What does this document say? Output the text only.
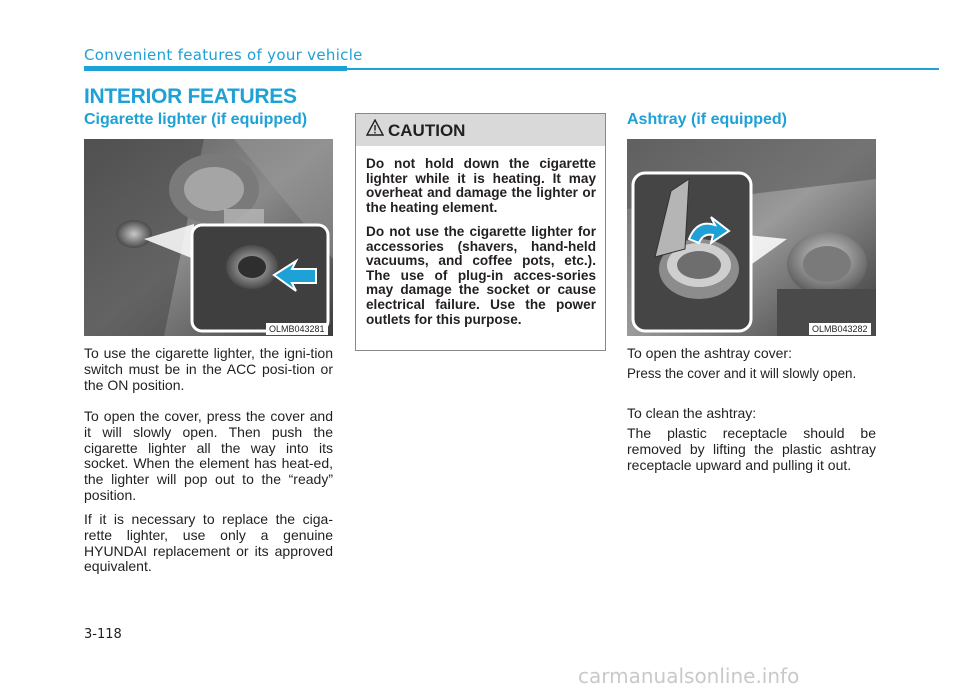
Convenient features of your vehicle
INTERIOR FEATURES
Cigarette lighter (if equipped)
OLMB043281

To use the cigarette lighter, the igni-tion switch must be in the ACC posi-tion or the ON position.

To open the cover, press the cover and it will slowly open. Then push the cigarette lighter all the way into its socket. When the element has heat-ed, the lighter will pop out to the “ready” position.

If it is necessary to replace the ciga-rette lighter, use only a genuine HYUNDAI replacement or its approved equivalent.

CAUTION

Do not hold down the cigarette lighter while it is heating. It may overheat and damage the lighter or the heating element.

Do not use the cigarette lighter for accessories (shavers, hand-held vacuums, and coffee pots, etc.). The use of plug-in acces-sories may damage the socket or cause electrical failure. Use the power outlets for this purpose.

Ashtray (if equipped)
OLMB043282

To open the ashtray cover:

Press the cover and it will slowly open.

To clean the ashtray:

The plastic receptacle should be removed by lifting the plastic ashtray receptacle upward and pulling it out.

3-118
carmanualsonline.info
